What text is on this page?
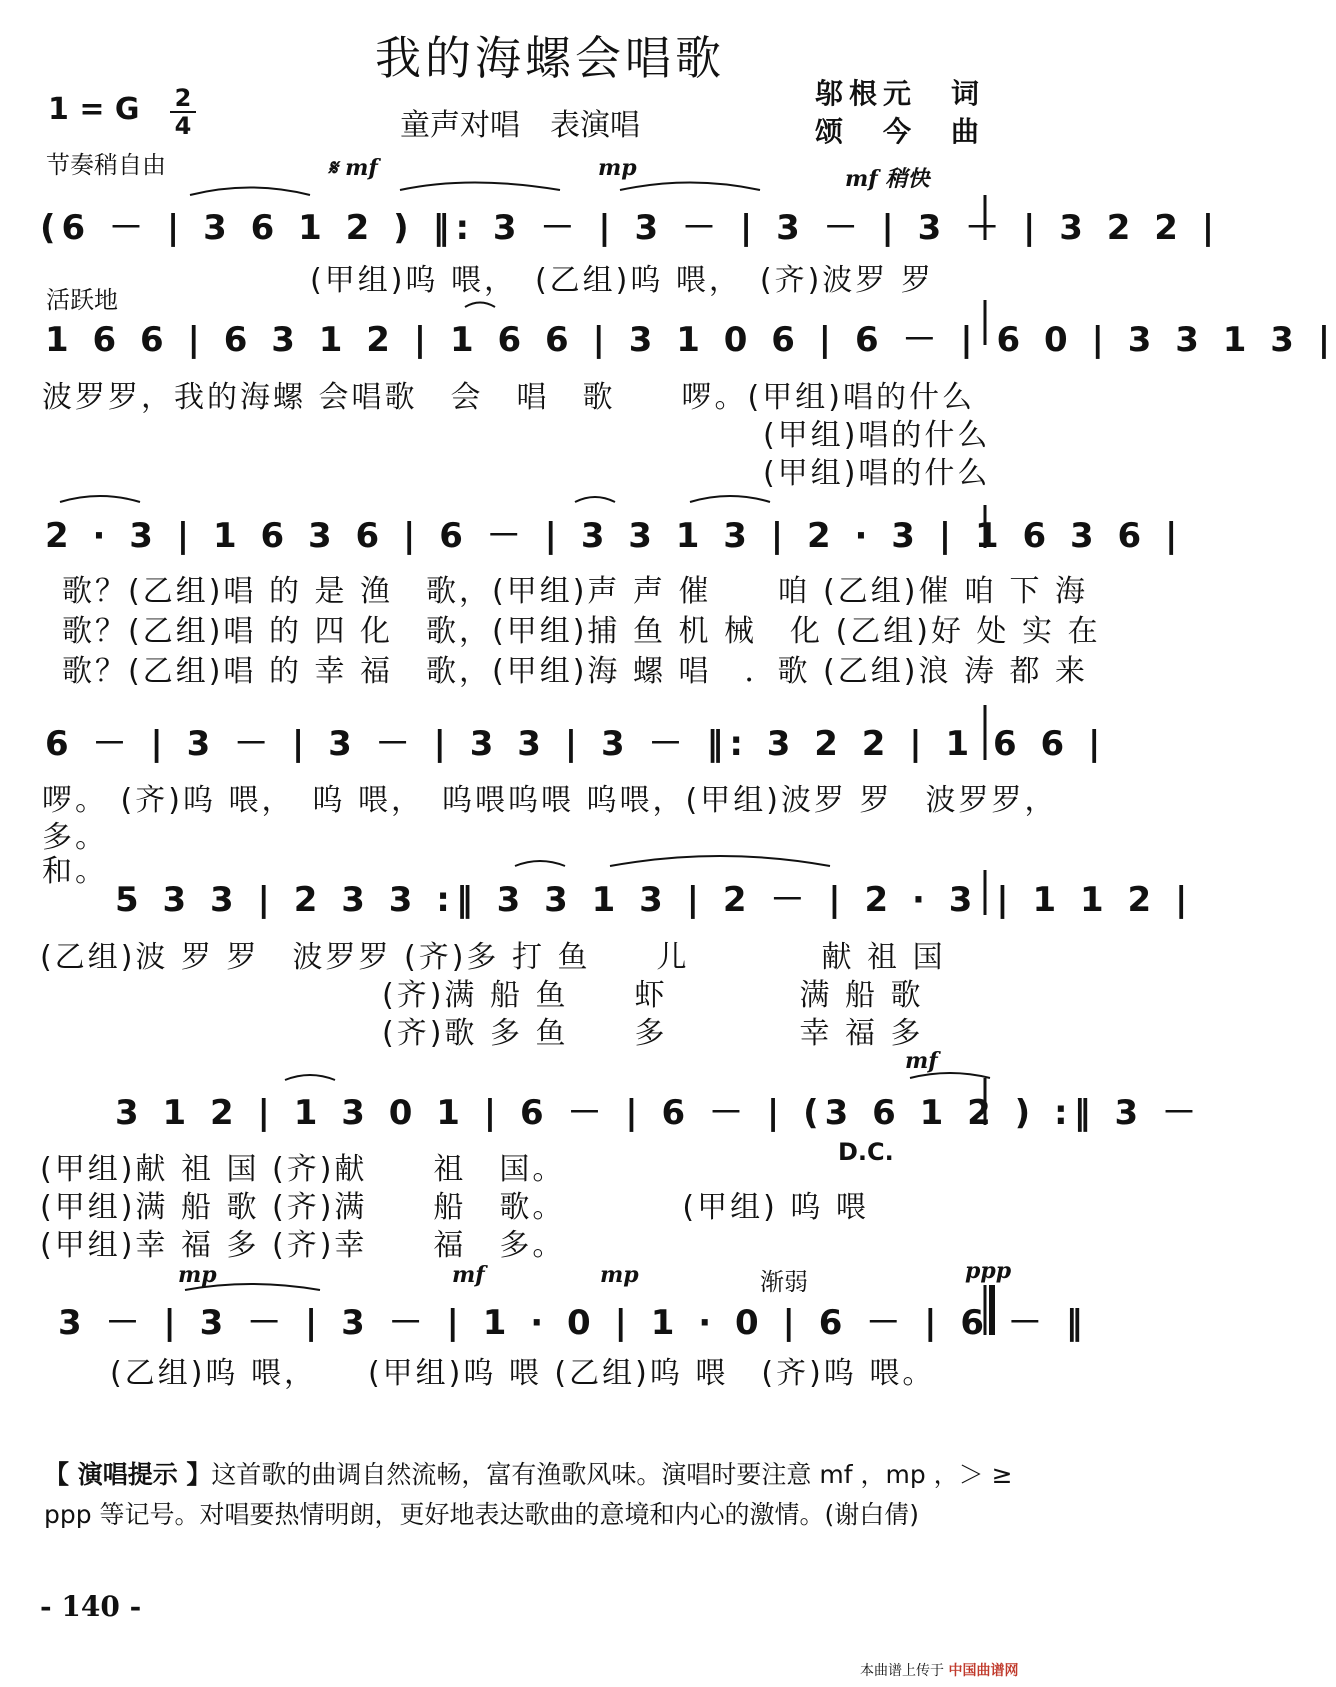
我的海螺会唱歌
1 = G 2
4	童声对唱　表演唱
邬根元　词
颂　今　曲
节奏稍自由	𝄋 mf	mp	mf 稍快
活跃地
(6 － | 3 6 1 2 ) ‖: 3 － | 3 － | 3 － | 3 － | 3 2 2 |
(甲组)呜 喂，　(乙组)呜 喂，　(齐)波罗 罗
1 6 6 | 6 3 1 2 | 1 6 6 | 3 1 0 6 | 6 － | 6 0 | 3 3 1 3 |
波罗罗，我的海螺 会唱歌　会　唱　歌　　啰。(甲组)唱的什么
(甲组)唱的什么
(甲组)唱的什么
2 · 3 | 1 6 3 6 | 6 － | 3 3 1 3 | 2 · 3 | 1 6 3 6 |
歌？(乙组)唱 的 是 渔　歌，(甲组)声 声 催　　咱 (乙组)催 咱 下 海
歌？(乙组)唱 的 四 化　歌，(甲组)捕 鱼 机 械　化 (乙组)好 处 实 在
歌？(乙组)唱 的 幸 福　歌，(甲组)海 螺 唱　．歌 (乙组)浪 涛 都 来
6 － | 3 － | 3 － | 3 3 | 3 － ‖: 3 2 2 | 1 6 6 |
啰。 (齐)呜 喂，　呜 喂，　呜喂呜喂 呜喂，(甲组)波罗 罗　波罗罗，
多。
和。
5 3 3 | 2 3 3 :‖ 3 3 1 3 | 2 － | 2 · 3 | 1 1 2 |
(乙组)波 罗 罗　波罗罗 (齐)多 打 鱼　　儿　　　　献 祖 国
(齐)满 船 鱼　　虾　　　　满 船 歌
(齐)歌 多 鱼　　多　　　　幸 福 多
mf
3 1 2 | 1 3 0 1 | 6 － | 6 － | (3 6 1 2 ) :‖ 3 －
D.C.
(甲组)献 祖 国 (齐)献　　祖　国。
(甲组)满 船 歌 (齐)满　　船　歌。　　　　(甲组) 呜 喂
(甲组)幸 福 多 (齐)幸　　福　多。
mp	mf	mp	渐弱	ppp
3 － | 3 － | 3 － | 1 · 0 | 1 · 0 | 6 － | 6 － ‖
(乙组)呜 喂，　　(甲组)呜 喂 (乙组)呜 喂　(齐)呜 喂。
【 演唱提示 】这首歌的曲调自然流畅，富有渔歌风味。演唱时要注意 mf ，mp ，＞ ≥ ppp 等记号。对唱要热情明朗，更好地表达歌曲的意境和内心的激情。(谢白倩)
- 140 -
本曲谱上传于 中国曲谱网
